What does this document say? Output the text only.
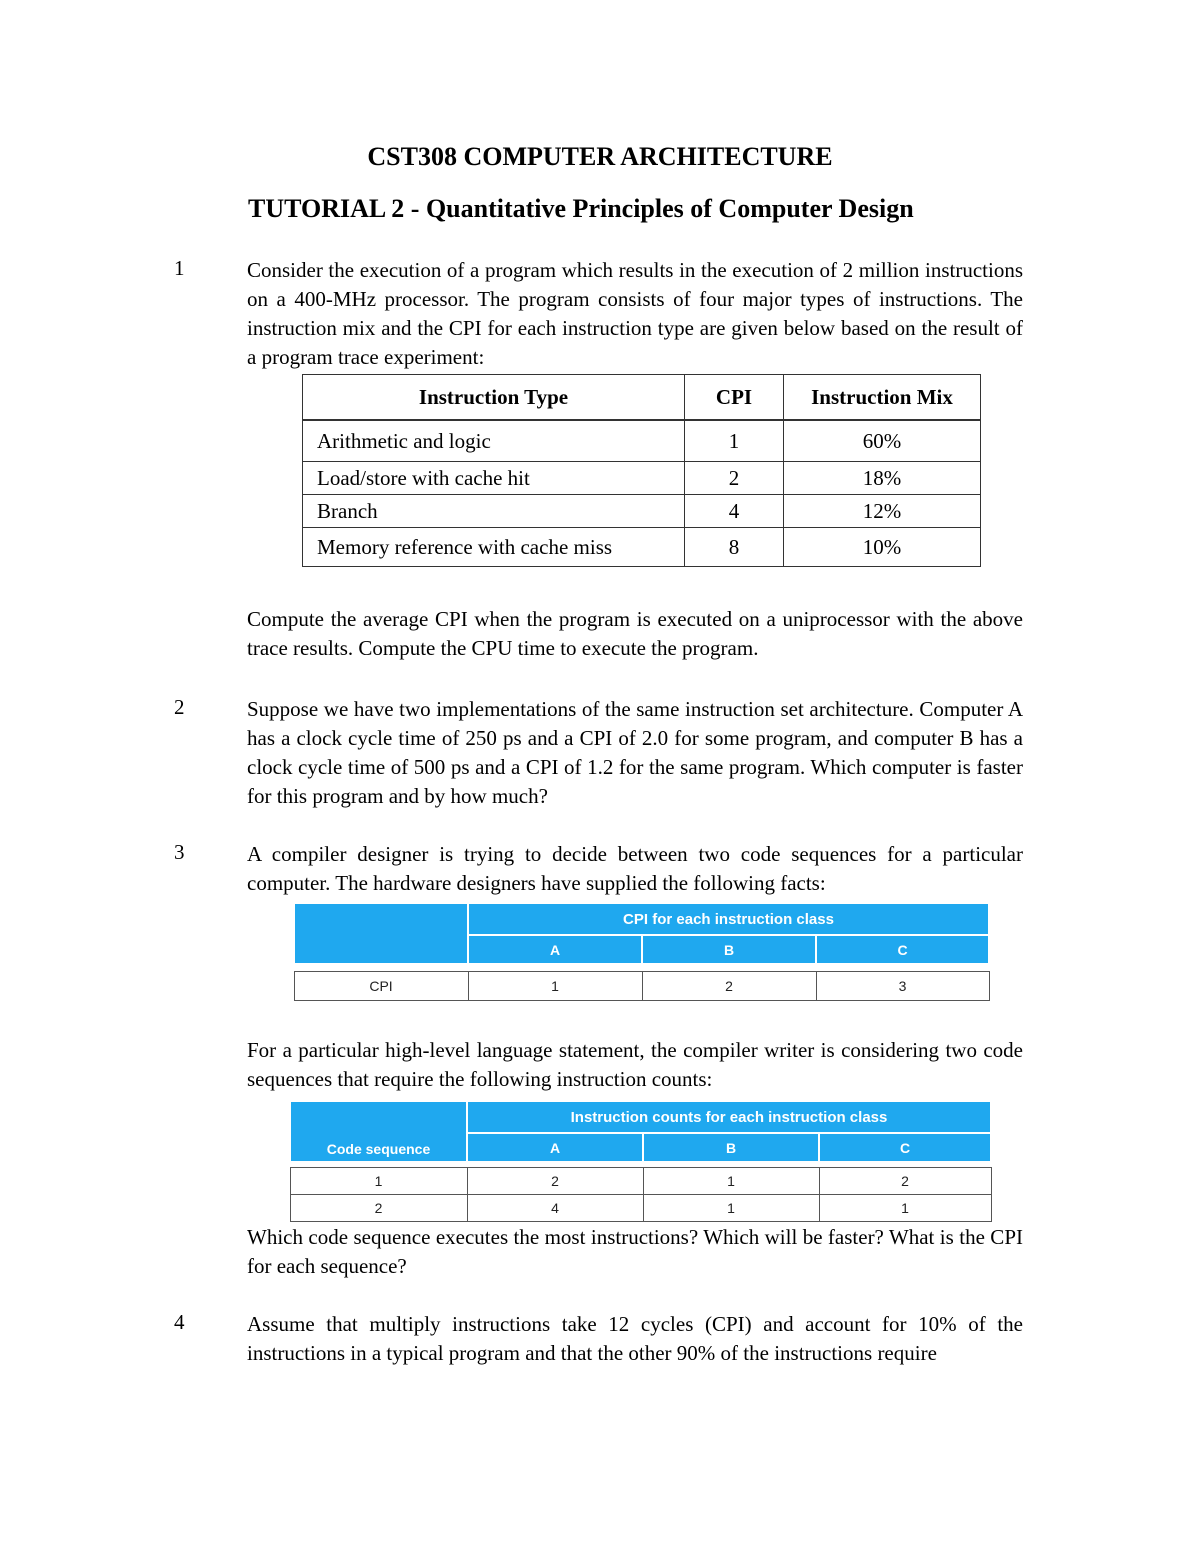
CST308 COMPUTER ARCHITECTURE
TUTORIAL 2 - Quantitative Principles of Computer Design
1	Consider the execution of a program which results in the execution of 2 million instructions on a 400-MHz processor. The program consists of four major types of instructions. The instruction mix and the CPI for each instruction type are given below based on the result of a program trace experiment:
Instruction Type	CPI	Instruction Mix
Arithmetic and logic	1	60%
Load/store with cache hit	2	18%
Branch	4	12%
Memory reference with cache miss	8	10%
Compute the average CPI when the program is executed on a uniprocessor with the above trace results. Compute the CPU time to execute the program.
2	Suppose we have two implementations of the same instruction set architecture. Computer A has a clock cycle time of 250 ps and a CPI of 2.0 for some program, and computer B has a clock cycle time of 500 ps and a CPI of 1.2 for the same program. Which computer is faster for this program and by how much?
3	A compiler designer is trying to decide between two code sequences for a particular computer. The hardware designers have supplied the following facts:
	CPI for each instruction class		
	A	B	C

CPI	1	2	3
For a particular high-level language statement, the compiler writer is considering two code sequences that require the following instruction counts:
Code sequence	Instruction counts for each instruction class		
	A	B	C

1	2	1	2
2	4	1	1
Which code sequence executes the most instructions? Which will be faster? What is the CPI for each sequence?
4	Assume that multiply instructions take 12 cycles (CPI) and account for 10% of the instructions in a typical program and that the other 90% of the instructions require
